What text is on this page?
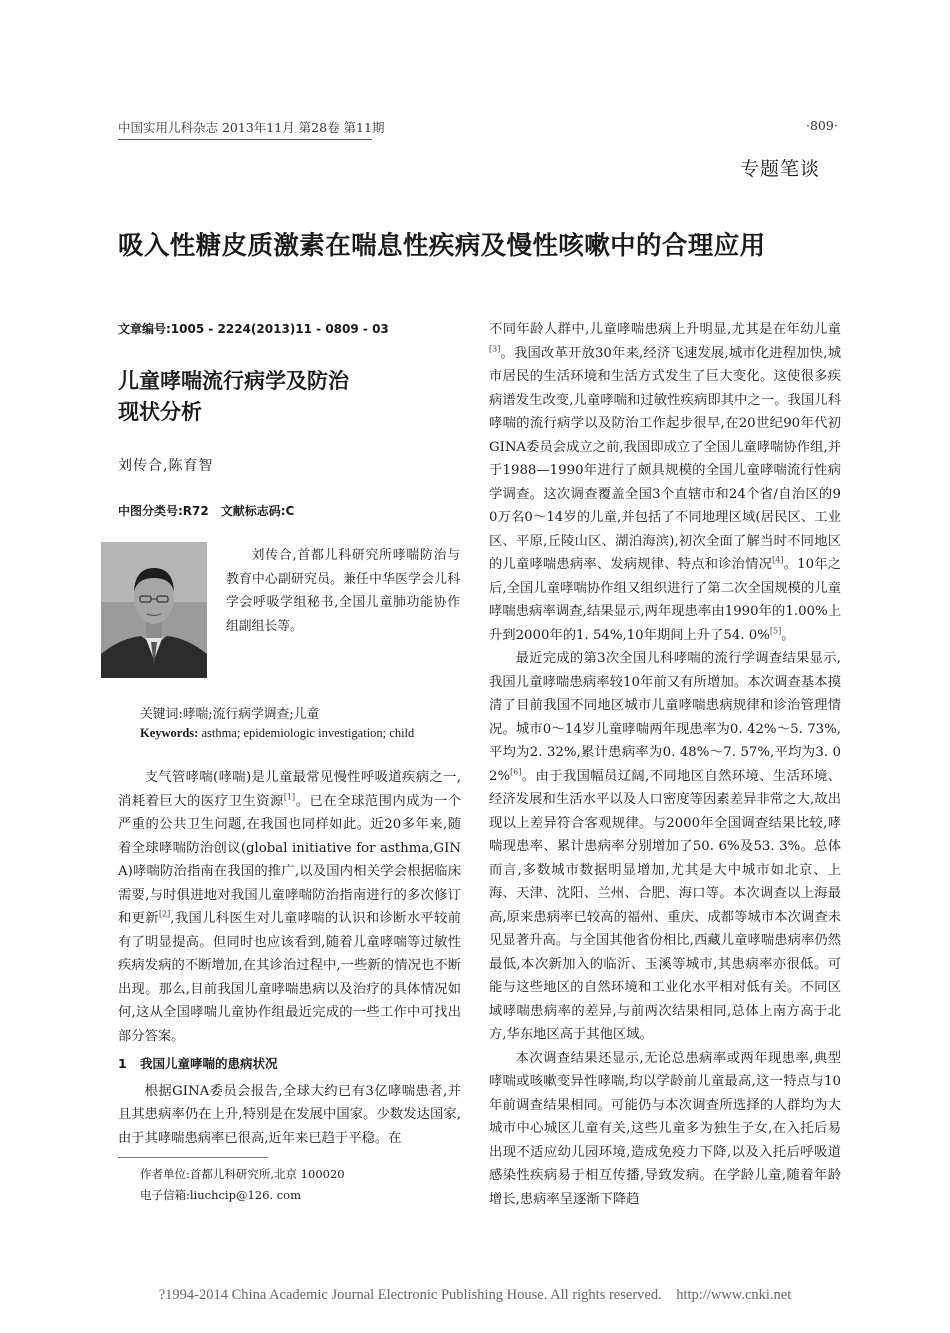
中国实用儿科杂志 2013年11月 第28卷 第11期	·809·
专题笔谈
吸入性糖皮质激素在喘息性疾病及慢性咳嗽中的合理应用
文章编号:1005 - 2224(2013)11 - 0809 - 03
儿童哮喘流行病学及防治
现状分析
刘传合,陈育智
中图分类号:R72　文献标志码:C
刘传合,首都儿科研究所哮喘防治与教育中心副研究员。兼任中华医学会儿科学会呼吸学组秘书,全国儿童肺功能协作组副组长等。
关键词:哮喘;流行病学调查;儿童
Keywords: asthma; epidemiologic investigation; child

支气管哮喘(哮喘)是儿童最常见慢性呼吸道疾病之一,消耗着巨大的医疗卫生资源[1]。已在全球范围内成为一个严重的公共卫生问题,在我国也同样如此。近20多年来,随着全球哮喘防治创议(global initiative for asthma,GINA)哮喘防治指南在我国的推广,以及国内相关学会根据临床需要,与时俱进地对我国儿童哮喘防治指南进行的多次修订和更新[2],我国儿科医生对儿童哮喘的认识和诊断水平较前有了明显提高。但同时也应该看到,随着儿童哮喘等过敏性疾病发病的不断增加,在其诊治过程中,一些新的情况也不断出现。那么,目前我国儿童哮喘患病以及治疗的具体情况如何,这从全国哮喘儿童协作组最近完成的一些工作中可找出部分答案。

1 我国儿童哮喘的患病状况

根据GINA委员会报告,全球大约已有3亿哮喘患者,并且其患病率仍在上升,特别是在发展中国家。少数发达国家,由于其哮喘患病率已很高,近年来已趋于平稳。在

作者单位:首都儿科研究所,北京 100020
电子信箱:liuchcip@126. com

不同年龄人群中,儿童哮喘患病上升明显,尤其是在年幼儿童[3]。我国改革开放30年来,经济飞速发展,城市化进程加快,城市居民的生活环境和生活方式发生了巨大变化。这使很多疾病谱发生改变,儿童哮喘和过敏性疾病即其中之一。我国儿科哮喘的流行病学以及防治工作起步很早,在20世纪90年代初GINA委员会成立之前,我国即成立了全国儿童哮喘协作组,并于1988—1990年进行了颇具规模的全国儿童哮喘流行性病学调查。这次调查覆盖全国3个直辖市和24个省/自治区的90万名0～14岁的儿童,并包括了不同地理区域(居民区、工业区、平原,丘陵山区、湖泊海滨),初次全面了解当时不同地区的儿童哮喘患病率、发病规律、特点和诊治情况[4]。10年之后,全国儿童哮喘协作组又组织进行了第二次全国规模的儿童哮喘患病率调查,结果显示,两年现患率由1990年的1.00%上升到2000年的1. 54%,10年期间上升了54. 0%[5]。

最近完成的第3次全国儿科哮喘的流行学调查结果显示,我国儿童哮喘患病率较10年前又有所增加。本次调查基本摸清了目前我国不同地区城市儿童哮喘患病规律和诊治管理情况。城市0～14岁儿童哮喘两年现患率为0. 42%～5. 73%,平均为2. 32%,累计患病率为0. 48%～7. 57%,平均为3. 02%[6]。由于我国幅员辽阔,不同地区自然环境、生活环境、经济发展和生活水平以及人口密度等因素差异非常之大,故出现以上差异符合客观规律。与2000年全国调查结果比较,哮喘现患率、累计患病率分别增加了50. 6%及53. 3%。总体而言,多数城市数据明显增加,尤其是大中城市如北京、上海、天津、沈阳、兰州、合肥、海口等。本次调查以上海最高,原来患病率已较高的福州、重庆、成都等城市本次调查未见显著升高。与全国其他省份相比,西藏儿童哮喘患病率仍然最低,本次新加入的临沂、玉溪等城市,其患病率亦很低。可能与这些地区的自然环境和工业化水平相对低有关。不同区域哮喘患病率的差异,与前两次结果相同,总体上南方高于北方,华东地区高于其他区域。

本次调查结果还显示,无论总患病率或两年现患率,典型哮喘或咳嗽变异性哮喘,均以学龄前儿童最高,这一特点与10年前调查结果相同。可能仍与本次调查所选择的人群均为大城市中心城区儿童有关,这些儿童多为独生子女,在入托后易出现不适应幼儿园环境,造成免疫力下降,以及入托后呼吸道感染性疾病易于相互传播,导致发病。在学龄儿童,随着年龄增长,患病率呈逐渐下降趋

?1994-2014 China Academic Journal Electronic Publishing House. All rights reserved.    http://www.cnki.net
